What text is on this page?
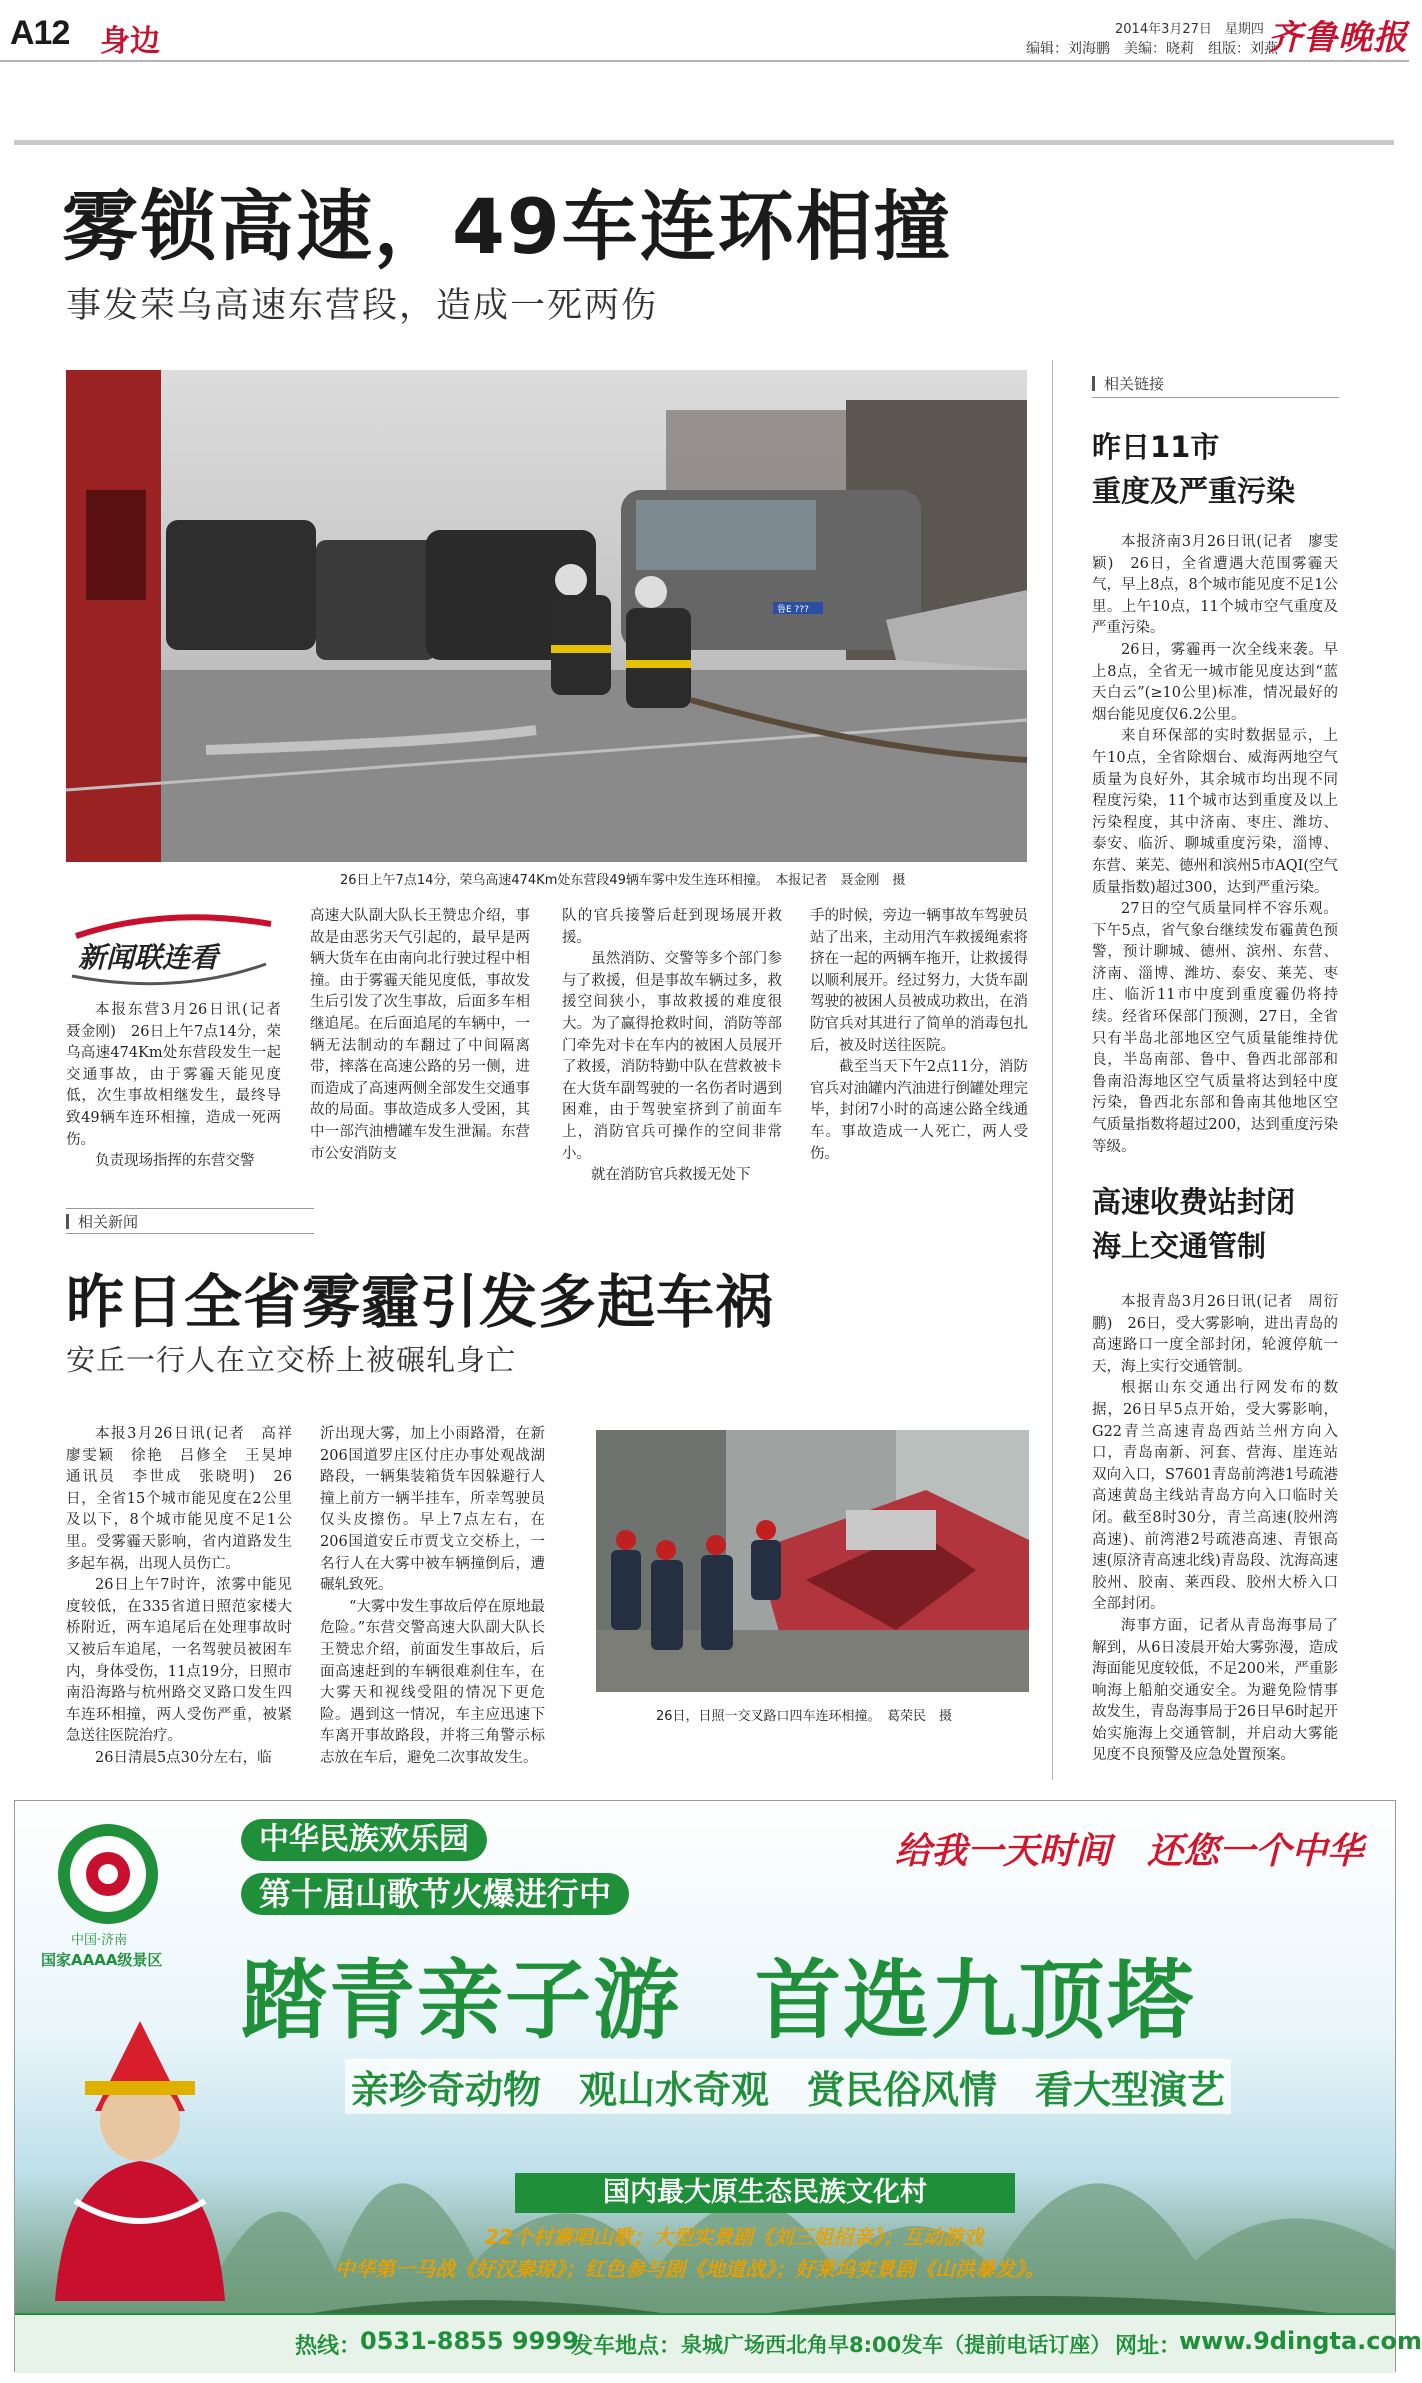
A12 身边	2014年3月27日　星期四
编辑：刘海鹏　美编：晓莉　组版：刘燕
齐鲁晚报
雾锁高速，49车连环相撞
事发荣乌高速东营段，造成一死两伤
鲁E ???
26日上午7点14分，荣乌高速474Km处东营段49辆车雾中发生连环相撞。　本报记者　聂金刚　摄
新闻联连看

本报东营3月26日讯(记者　聂金刚)　26日上午7点14分，荣乌高速474Km处东营段发生一起交通事故，由于雾霾天能见度低，次生事故相继发生，最终导致49辆车连环相撞，造成一死两伤。

负责现场指挥的东营交警

高速大队副大队长王赞忠介绍，事故是由恶劣天气引起的，最早是两辆大货车在由南向北行驶过程中相撞。由于雾霾天能见度低，事故发生后引发了次生事故，后面多车相继追尾。在后面追尾的车辆中，一辆无法制动的车翻过了中间隔离带，摔落在高速公路的另一侧，进而造成了高速两侧全部发生交通事故的局面。事故造成多人受困，其中一部汽油槽罐车发生泄漏。东营市公安消防支

队的官兵接警后赶到现场展开救援。

虽然消防、交警等多个部门参与了救援，但是事故车辆过多，救援空间狭小，事故救援的难度很大。为了赢得抢救时间，消防等部门牵先对卡在车内的被困人员展开了救援，消防特勤中队在营救被卡在大货车副驾驶的一名伤者时遇到困难，由于驾驶室挤到了前面车上，消防官兵可操作的空间非常小。

就在消防官兵救援无处下

手的时候，旁边一辆事故车驾驶员站了出来，主动用汽车救援绳索将挤在一起的两辆车拖开，让救援得以顺利展开。经过努力，大货车副驾驶的被困人员被成功救出，在消防官兵对其进行了简单的消毒包扎后，被及时送往医院。

截至当天下午2点11分，消防官兵对油罐内汽油进行倒罐处理完毕，封闭7小时的高速公路全线通车。事故造成一人死亡，两人受伤。

相关链接
昨日11市
重度及严重污染

本报济南3月26日讯(记者　廖雯颖)　26日，全省遭遇大范围雾霾天气，早上8点，8个城市能见度不足1公里。上午10点，11个城市空气重度及严重污染。

26日，雾霾再一次全线来袭。早上8点，全省无一城市能见度达到“蓝天白云”(≥10公里)标准，情况最好的烟台能见度仅6.2公里。

来自环保部的实时数据显示，上午10点，全省除烟台、威海两地空气质量为良好外，其余城市均出现不同程度污染，11个城市达到重度及以上污染程度，其中济南、枣庄、潍坊、泰安、临沂、聊城重度污染，淄博、东营、莱芜、德州和滨州5市AQI(空气质量指数)超过300，达到严重污染。

27日的空气质量同样不容乐观。下午5点，省气象台继续发布霾黄色预警，预计聊城、德州、滨州、东营、济南、淄博、潍坊、泰安、莱芜、枣庄、临沂11市中度到重度霾仍将持续。经省环保部门预测，27日，全省只有半岛北部地区空气质量能维持优良，半岛南部、鲁中、鲁西北部部和鲁南沿海地区空气质量将达到轻中度污染，鲁西北东部和鲁南其他地区空气质量指数将超过200，达到重度污染等级。

高速收费站封闭
海上交通管制

本报青岛3月26日讯(记者　周衍鹏)　26日，受大雾影响，进出青岛的高速路口一度全部封闭，轮渡停航一天，海上实行交通管制。

根据山东交通出行网发布的数据，26日早5点开始，受大雾影响，G22青兰高速青岛西站兰州方向入口，青岛南新、河套、营海、崖连站双向入口，S7601青岛前湾港1号疏港高速黄岛主线站青岛方向入口临时关闭。截至8时30分，青兰高速(胶州湾高速)、前湾港2号疏港高速、青银高速(原济青高速北线)青岛段、沈海高速胶州、胶南、莱西段、胶州大桥入口全部封闭。

海事方面，记者从青岛海事局了解到，从6日凌晨开始大雾弥漫，造成海面能见度较低，不足200米，严重影响海上船舶交通安全。为避免险情事故发生，青岛海事局于26日早6时起开始实施海上交通管制，并启动大雾能见度不良预警及应急处置预案。

相关新闻
昨日全省雾霾引发多起车祸
安丘一行人在立交桥上被碾轧身亡

本报3月26日讯(记者　高祥　廖雯颖　徐艳　吕修全　王昊坤　通讯员　李世成　张晓明)　26日，全省15个城市能见度在2公里及以下，8个城市能见度不足1公里。受雾霾天影响，省内道路发生多起车祸，出现人员伤亡。

26日上午7时许，浓雾中能见度较低，在335省道日照范家楼大桥附近，两车追尾后在处理事故时又被后车追尾，一名驾驶员被困车内，身体受伤，11点19分，日照市南沿海路与杭州路交叉路口发生四车连环相撞，两人受伤严重，被紧急送往医院治疗。

26日清晨5点30分左右，临

沂出现大雾，加上小雨路滑，在新206国道罗庄区付庄办事处观战湖路段，一辆集装箱货车因躲避行人撞上前方一辆半挂车，所幸驾驶员仅头皮擦伤。早上7点左右，在206国道安丘市贾戈立交桥上，一名行人在大雾中被车辆撞倒后，遭碾轧致死。

“大雾中发生事故后停在原地最危险。”东营交警高速大队副大队长王赞忠介绍，前面发生事故后，后面高速赶到的车辆很难刹住车，在大雾天和视线受阻的情况下更危险。遇到这一情况，车主应迅速下车离开事故路段，并将三角警示标志放在车后，避免二次事故发生。

26日，日照一交叉路口四车连环相撞。　葛荣民　摄
中国·济南
国家AAAA级景区
中华民族欢乐园
第十届山歌节火爆进行中
给我一天时间　还您一个中华
踏青亲子游 首选九顶塔
亲珍奇动物　观山水奇观　赏民俗风情　看大型演艺
国内最大原生态民族文化村
22个村寨唱山歌；大型实景剧《刘三姐招亲》；互动游戏
中华第一马战《好汉秦琼》；红色参与剧《地道战》；好莱坞实景剧《山洪暴发》。
热线：
0531-8855 9999
发车地点： 泉城广场西北角早8:00发车（提前电话订座） 网址：
www.9dingta.com
